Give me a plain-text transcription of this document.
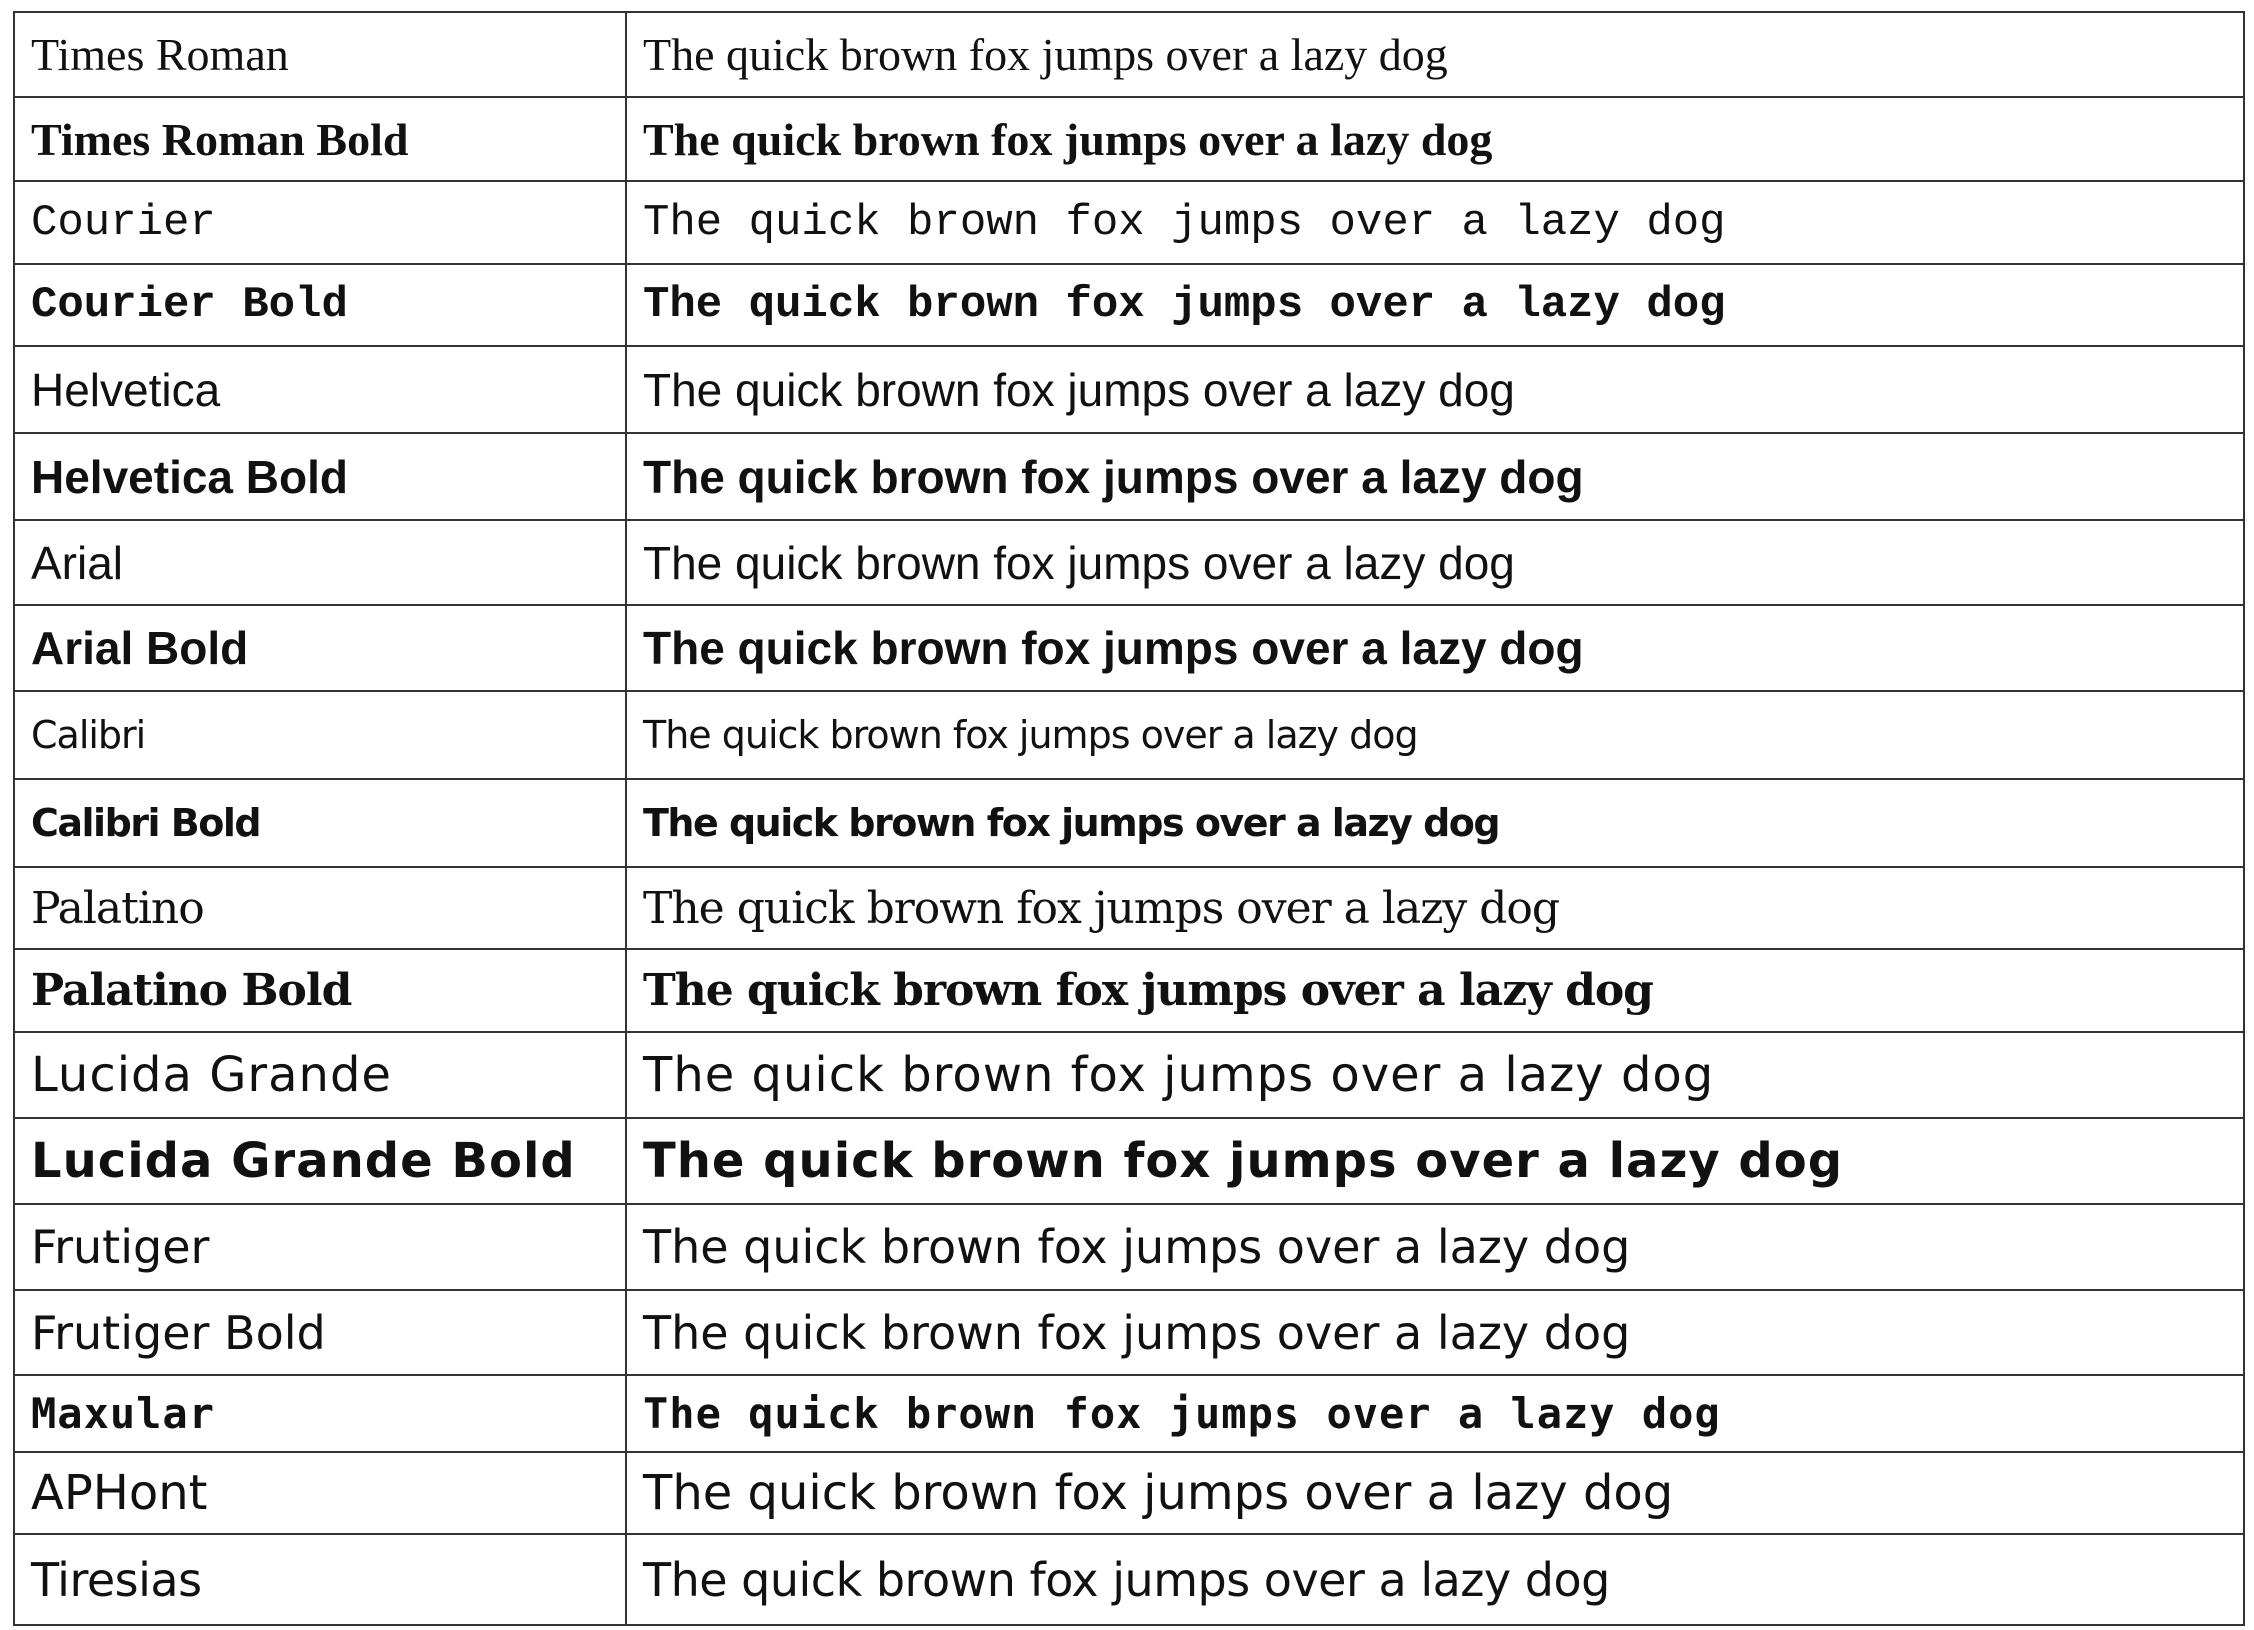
Times Roman	The quick brown fox jumps over a lazy dog
Times Roman Bold	The quick brown fox jumps over a lazy dog
Courier	The quick brown fox jumps over a lazy dog
Courier Bold	The quick brown fox jumps over a lazy dog
Helvetica	The quick brown fox jumps over a lazy dog
Helvetica Bold	The quick brown fox jumps over a lazy dog
Arial	The quick brown fox jumps over a lazy dog
Arial Bold	The quick brown fox jumps over a lazy dog
Calibri	The quick brown fox jumps over a lazy dog
Calibri Bold	The quick brown fox jumps over a lazy dog
Palatino	The quick brown fox jumps over a lazy dog
Palatino Bold	The quick brown fox jumps over a lazy dog
Lucida Grande	The quick brown fox jumps over a lazy dog
Lucida Grande Bold	The quick brown fox jumps over a lazy dog
Frutiger	The quick brown fox jumps over a lazy dog
Frutiger Bold	The quick brown fox jumps over a lazy dog
Maxular	The quick brown fox jumps over a lazy dog
APHont	The quick brown fox jumps over a lazy dog
Tiresias	The quick brown fox jumps over a lazy dog
